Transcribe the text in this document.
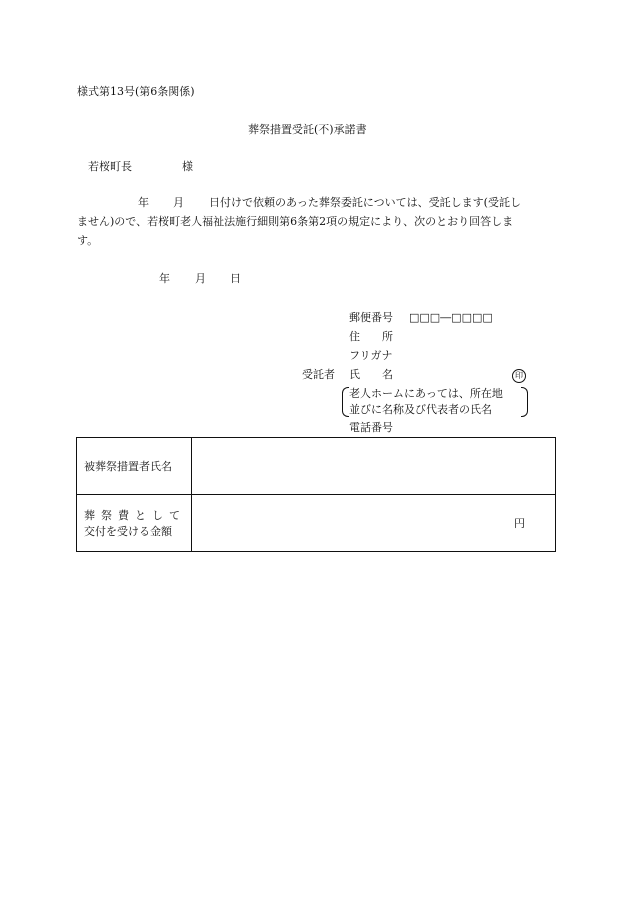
様式第13号(第6条関係)
葬祭措置受託(不)承諾書
若桜町長	様
年 月 日付けで依頼のあった葬祭委託については、受託します(受託し
ません)ので、若桜町老人福祉法施行細則第6条第2項の規定により、次のとおり回答しま
す。
年 月 日
郵便番号 □□□―□□□□
住　　所
フリガナ
受託者 氏　　名	印
老人ホームにあっては、所在地
並びに名称及び代表者の氏名
電話番号
被葬祭措置者氏名	

葬祭費として
交付を受ける金額	円
